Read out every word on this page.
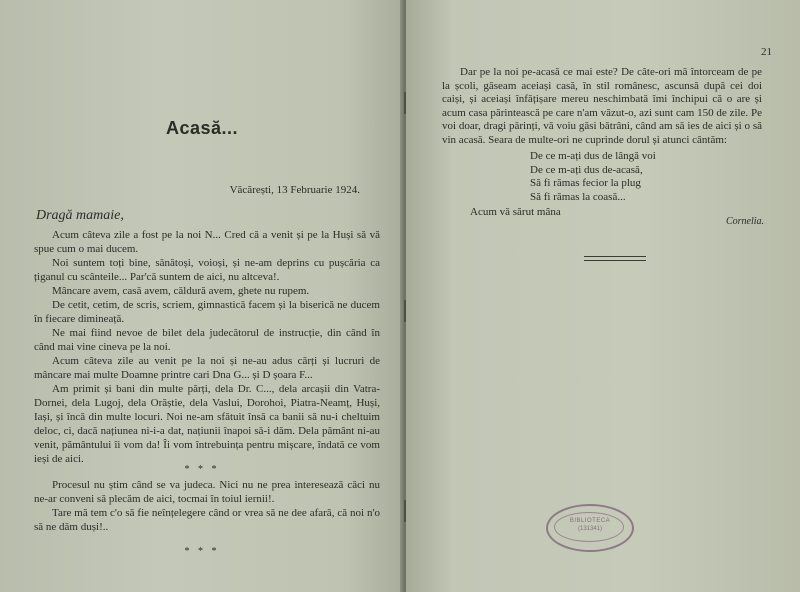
Acasă...
Văcărești, 13 Februarie 1924.
Dragă mamaie,

Acum câteva zile a fost pe la noi N... Cred că a venit și pe la Huși să vă spue cum o mai ducem.

Noi suntem toți bine, sănătoși, voioși, și ne-am deprins cu pușcăria ca țiganul cu scânteile... Par'că suntem de aici, nu altceva!.

Mâncare avem, casă avem, căldură avem, ghete nu rupem.

De cetit, cetim, de scris, scriem, gimnastică facem și la biserică ne ducem în fiecare dimineață.

Ne mai fiind nevoe de bilet dela judecătorul de instrucție, din când în când mai vine cineva pe la noi.

Acum câteva zile au venit pe la noi și ne-au adus cărți și lucruri de mâncare mai multe Doamne printre cari Dna G... și D șoara F...

Am primit și bani din multe părți, dela Dr. C..., dela arcașii din Vatra-Dornei, dela Lugoj, dela Orăștie, dela Vaslui, Dorohoi, Piatra-Neamț, Huși, Iași, și încă din multe locuri. Noi ne-am sfătuit însă ca banii să nu-i cheltuim deloc, ci, dacă națiunea ni-i-a dat, națiunii înapoi să-i dăm. Dela pământ ni-au venit, pământului îi vom da! Îi vom întrebuința pentru mișcare, îndată ce vom ieși de aici.

* * *

Procesul nu știm când se va judeca. Nici nu ne prea interesează căci nu ne-ar conveni să plecăm de aici, tocmai în toiul iernii!.

Tare mă tem c'o să fie neînțelegere când or vrea să ne dee afară, că noi n'o să ne dăm duși!..

* * *
21

Dar pe la noi pe-acasă ce mai este? De câte-ori mă întorceam de pe la școli, găseam aceiași casă, în stil românesc, ascunsă după cei doi caiși, și aceiași înfățișare mereu neschimbată îmi închipui că o are și acum casa părintească pe care n'am văzut-o, azi sunt cam 150 de zile. Pe voi doar, dragi părinți, vă voiu găsi bătrâni, când am să ies de aici și o să vin acasă. Seara de multe-ori ne cuprinde dorul și atunci cântăm:

De ce m-ați dus de lângă voi
De ce m-ați dus de-acasă,
Să fi rămas fecior la plug
Să fi rămas la coasă...
Acum vă sărut mâna
Cornelia.
BIBLIOTECA
(131341)
